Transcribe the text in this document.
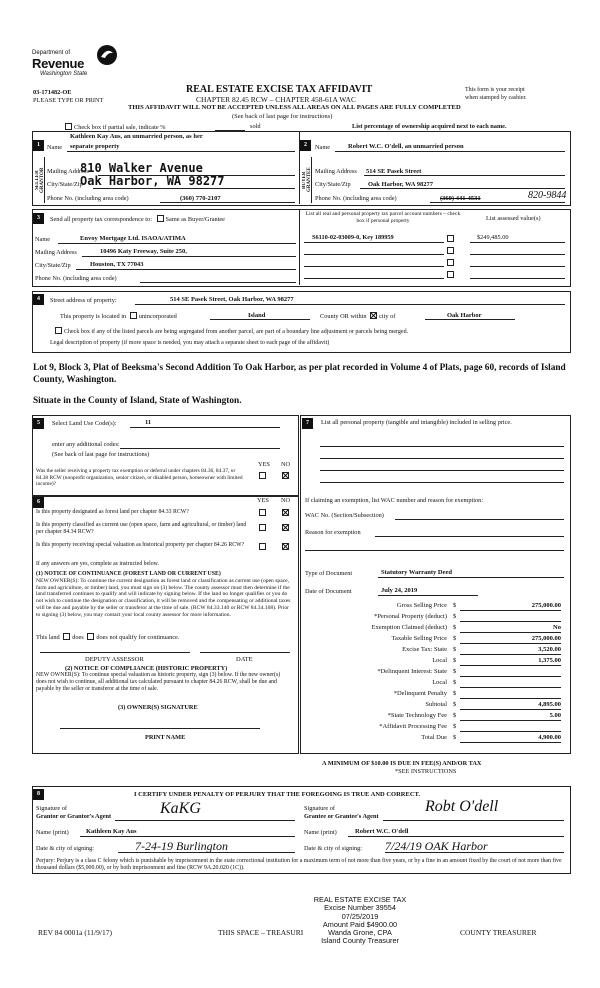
Department of
Revenue
Washington State
REAL ESTATE EXCISE TAX AFFIDAVIT
CHAPTER 82.45 RCW – CHAPTER 458-61A WAC
THIS AFFIDAVIT WILL NOT BE ACCEPTED UNLESS ALL AREAS ON ALL PAGES ARE FULLY COMPLETED
(See back of last page for instructions)
This form is your receipt
when stamped by cashier.
03-171482-OE
PLEASE TYPE OR PRINT
Check box if partial sale, indicate %	sold	List percentage of ownership acquired next to each name.
1
SELLER GRANTOR
Name
Kathleen Kay Aus, an unmarried person, as her
separate property
Mailing Address
810 Walker Avenue
City/State/Zip
Oak Harbor, WA 98277
Phone No. (including area code)	(360) 770-2107
2
BUYER GRANTEE
Name	Robert W.C. O'dell, an unmarried person
Mailing Address 514 SE Pasek Street
City/State/Zip	Oak Harbor, WA 98277
Phone No. (including area code)	(360) 441-4531	820-9844
3	Send all property tax correspondence to: Same as Buyer/Grantee
Name	Envoy Mortgage Ltd. ISAOA/ATIMA
Mailing Address	10496 Katy Freeway, Suite 250,
City/State/Zip	Houston, TX 77043
Phone No. (including area code)
List all real and personal property tax parcel account numbers – check box if personal property	List assessed value(s)
S6110-02-03009-0, Key 189959	$249,485.00
4	Street address of property:	514 SE Pasek Street, Oak Harbor, WA 98277
This property is located in unincorporated	Island	County OR within city of	Oak Harbor
Check box if any of the listed parcels are being segregated from another parcel, are part of a boundary line adjustment or parcels being merged.
Legal description of property (if more space is needed, you may attach a separate sheet to each page of the affidavit)
Lot 9, Block 3, Plat of Beeksma's Second Addition To Oak Harbor, as per plat recorded in Volume 4 of Plats, page 60, records of Island County, Washington.
Situate in the County of Island, State of Washington.
5	Select Land Use Code(s):	11
enter any additional codes:
(See back of last page for instructions)
YES NO
Was the seller receiving a property tax exemption or deferral under chapters 84.36, 84.37, or 84.38 RCW (nonprofit organization, senior citizen, or disabled person, homeowner with limited income)?
6	YES NO
Is this property designated as forest land per chapter 84.33 RCW?
Is this property classified as current use (open space, farm and agricultural, or timber) land per chapter 84.34 RCW?
Is this property receiving special valuation as historical property per chapter 84.26 RCW?
If any answers are yes, complete as instructed below.
(1) NOTICE OF CONTINUANCE (FOREST LAND OR CURRENT USE)
NEW OWNER(S): To continue the current designation as forest land or classification as current use (open space, farm and agriculture, or timber) land, you must sign on (3) below. The county assessor must then determine if the land transferred continues to qualify and will indicate by signing below. If the land no longer qualifies or you do not wish to continue the designation or classification, it will be removed and the compensating or additional taxes will be due and payable by the seller or transferor at the time of sale. (RCW 84.33.140 or RCW 84.34.108). Prior to signing (3) below, you may contact your local county assessor for more information.
This land does does not qualify for continuance.
DEPUTY ASSESSOR	DATE
(2) NOTICE OF COMPLIANCE (HISTORIC PROPERTY)
NEW OWNER(S): To continue special valuation as historic property, sign (3) below. If the new owner(s) does not wish to continue, all additional tax calculated pursuant to chapter 84.26 RCW, shall be due and payable by the seller or transferor at the time of sale.
(3) OWNER(S) SIGNATURE
PRINT NAME
7	List all personal property (tangible and intangible) included in selling price.
If claiming an exemption, list WAC number and reason for exemption:
WAC No. (Section/Subsection)
Reason for exemption
Type of Document	Statutory Warranty Deed
Date of Document	July 24, 2019
Gross Selling Price $	275,000.00
*Personal Property (deduct) $
Exemption Claimed (deduct) $	No
Taxable Selling Price $	275,000.00
Excise Tax: State $	3,520.00
Local $	1,375.00
*Delinquent Interest: State $
Local $
*Delinquent Penalty $
Subtotal $	4,895.00
*State Technology Fee $	5.00
*Affidavit Processing Fee $
Total Due $	4,900.00
A MINIMUM OF $10.00 IS DUE IN FEE(S) AND/OR TAX
*SEE INSTRUCTIONS
8	I CERTIFY UNDER PENALTY OF PERJURY THAT THE FOREGOING IS TRUE AND CORRECT.
Signature of
Grantor or Grantor's Agent	KaKG
Name (print)	Kathleen Kay Aus
Date & city of signing:	7-24-19 Burlington
Signature of
Grantee or Grantee's Agent
Robt O'dell
Name (print)	Robert W.C. O'dell
Date & city of signing: 7/24/19 OAK Harbor
Perjury: Perjury is a class C felony which is punishable by imprisonment in the state correctional institution for a maximum term of not more than five years, or by a fine in an amount fixed by the court of not more than five thousand dollars ($5,000.00), or by both imprisonment and fine (RCW 9A.20.020 (1C)).
REV 84 0001a (11/9/17)	THIS SPACE – TREASURI	COUNTY TREASURER
REAL ESTATE EXCISE TAX
Excise Number 39554
07/25/2019
Amount Paid $4900.00
Wanda Grone, CPA
Island County Treasurer
